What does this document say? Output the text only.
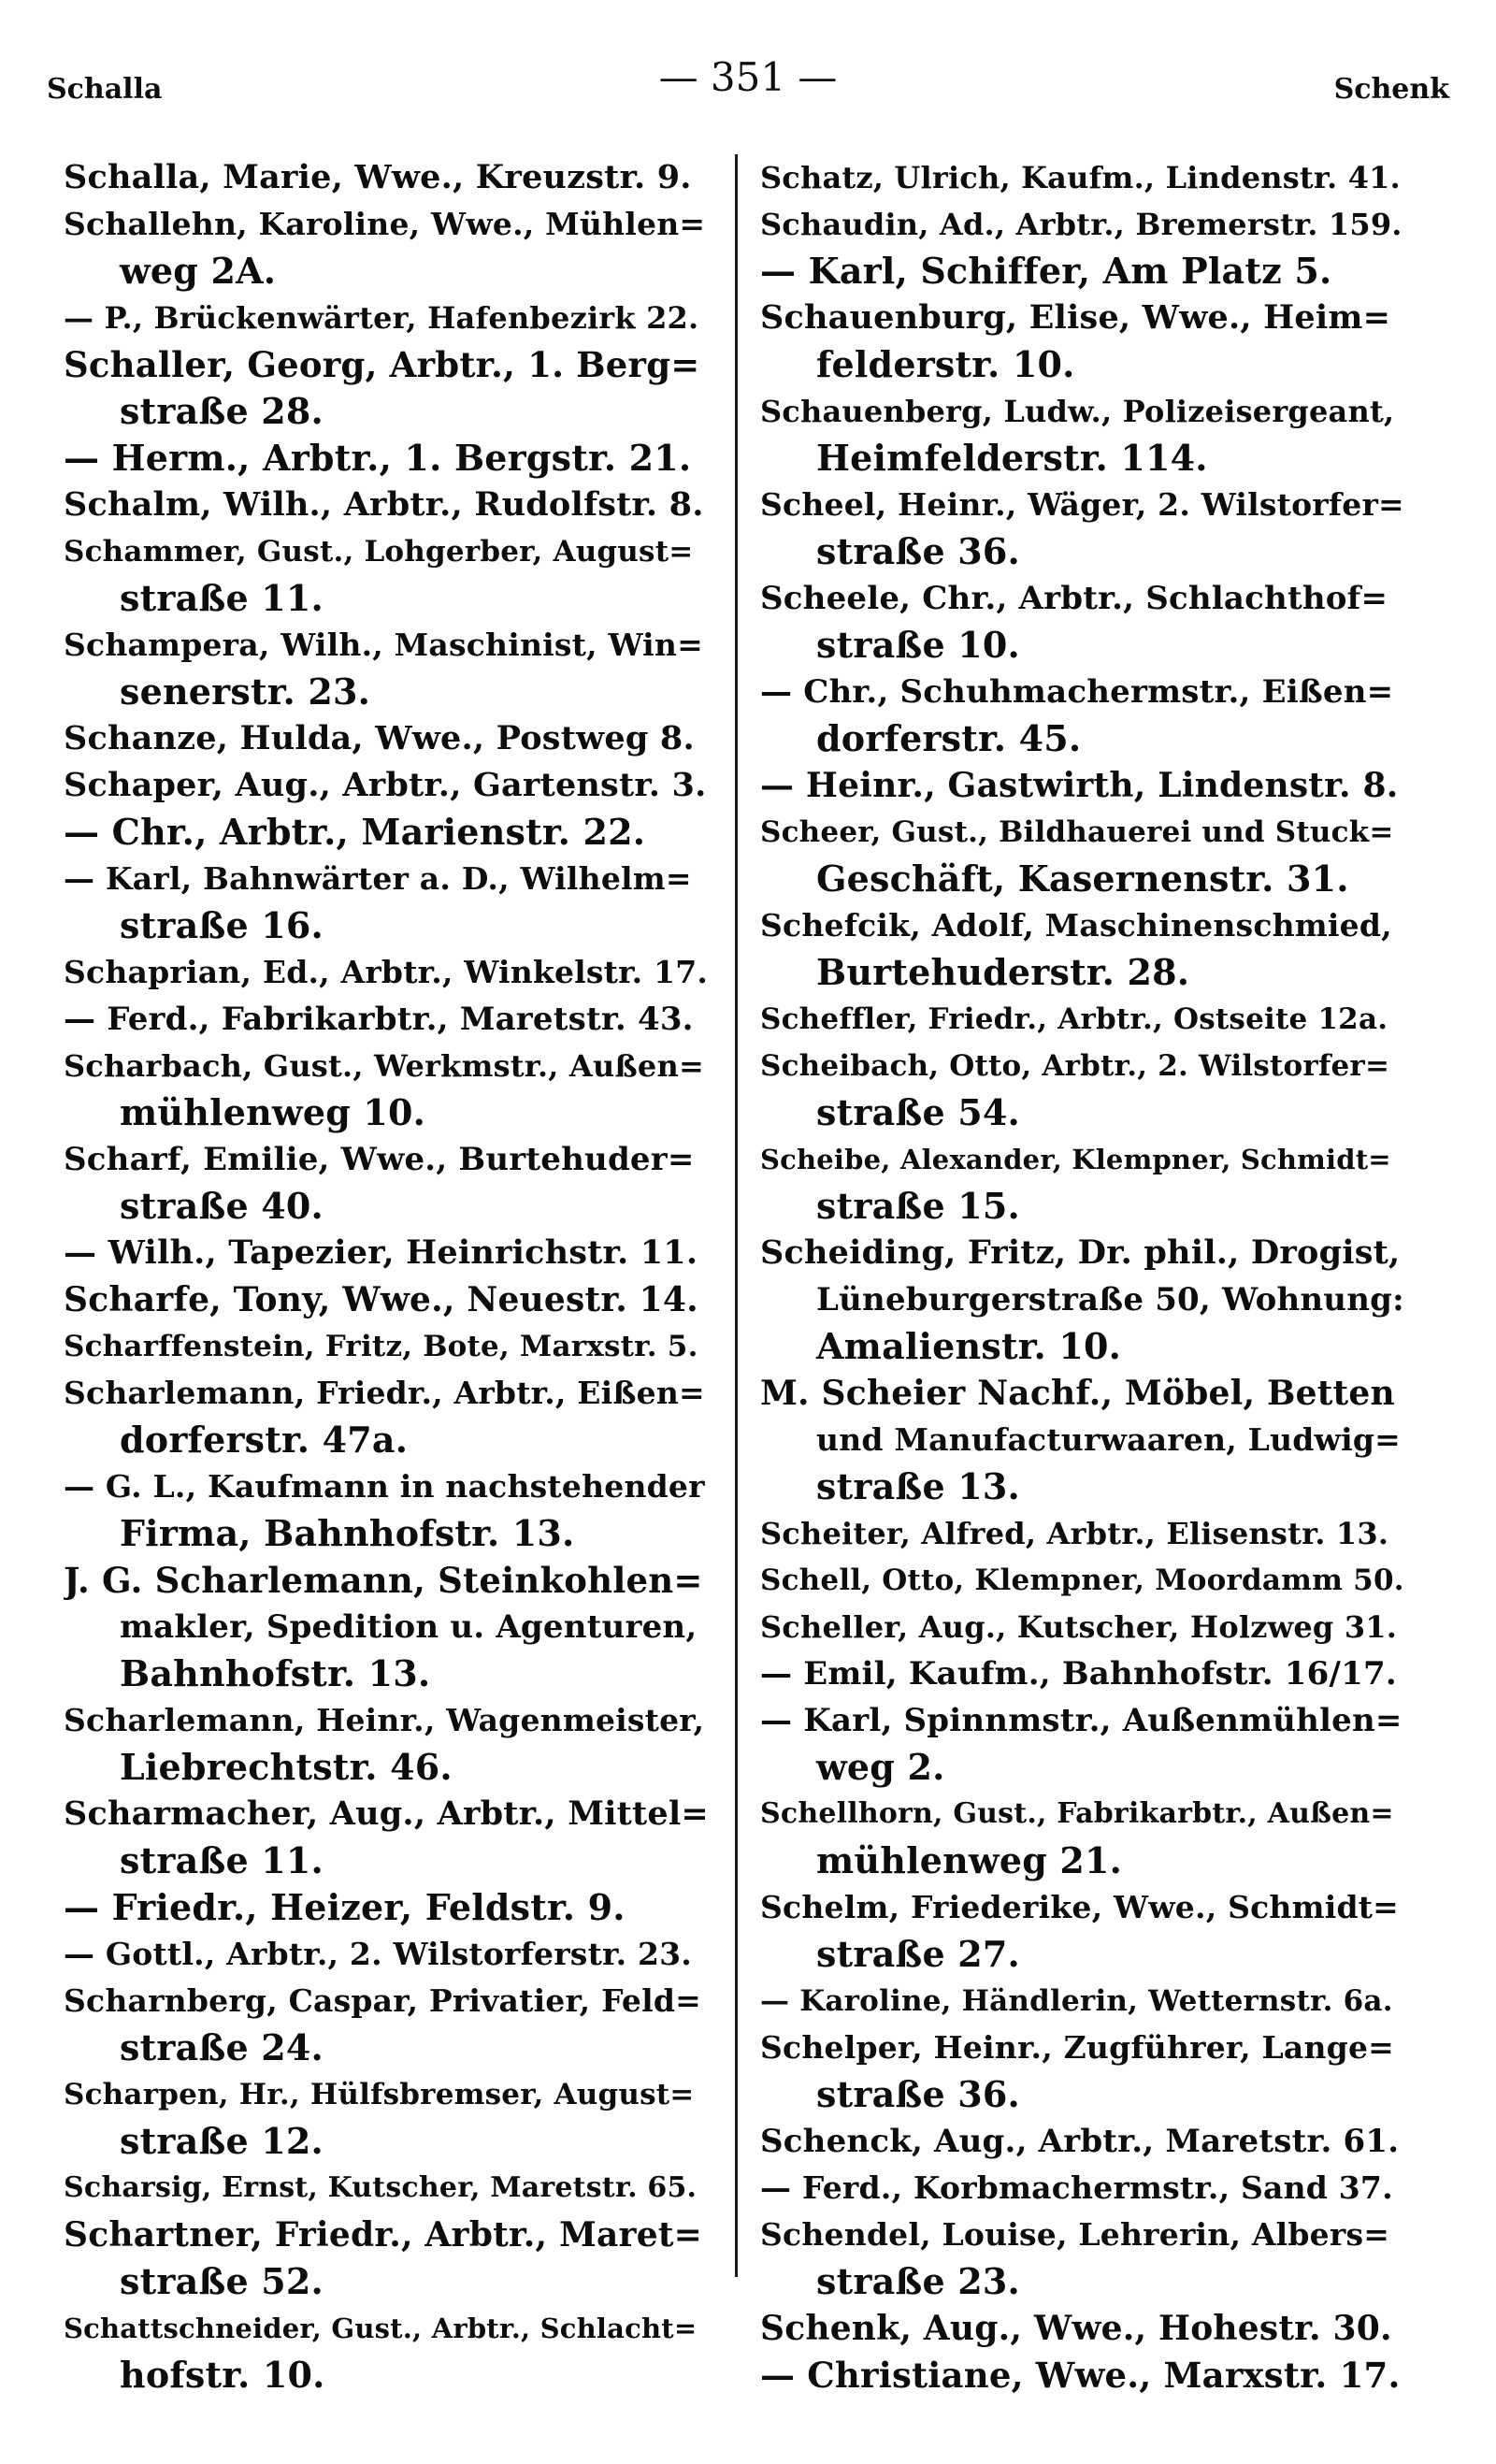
Schalla	— 351 —	Schenk
Schalla, Marie, Wwe., Kreuzstr. 9.
Schallehn, Karoline, Wwe., Mühlen=
weg 2A.
— P., Brückenwärter, Hafenbezirk 22.
Schaller, Georg, Arbtr., 1. Berg=
straße 28.
— Herm., Arbtr., 1. Bergstr. 21.
Schalm, Wilh., Arbtr., Rudolfstr. 8.
Schammer, Gust., Lohgerber, August=
straße 11.
Schampera, Wilh., Maschinist, Win=
senerstr. 23.
Schanze, Hulda, Wwe., Postweg 8.
Schaper, Aug., Arbtr., Gartenstr. 3.
— Chr., Arbtr., Marienstr. 22.
— Karl, Bahnwärter a. D., Wilhelm=
straße 16.
Schaprian, Ed., Arbtr., Winkelstr. 17.
— Ferd., Fabrikarbtr., Maretstr. 43.
Scharbach, Gust., Werkmstr., Außen=
mühlenweg 10.
Scharf, Emilie, Wwe., Burtehuder=
straße 40.
— Wilh., Tapezier, Heinrichstr. 11.
Scharfe, Tony, Wwe., Neuestr. 14.
Scharffenstein, Fritz, Bote, Marxstr. 5.
Scharlemann, Friedr., Arbtr., Eißen=
dorferstr. 47a.
— G. L., Kaufmann in nachstehender
Firma, Bahnhofstr. 13.
J. G. Scharlemann, Steinkohlen=
makler, Spedition u. Agenturen,
Bahnhofstr. 13.
Scharlemann, Heinr., Wagenmeister,
Liebrechtstr. 46.
Scharmacher, Aug., Arbtr., Mittel=
straße 11.
— Friedr., Heizer, Feldstr. 9.
— Gottl., Arbtr., 2. Wilstorferstr. 23.
Scharnberg, Caspar, Privatier, Feld=
straße 24.
Scharpen, Hr., Hülfsbremser, August=
straße 12.
Scharsig, Ernst, Kutscher, Maretstr. 65.
Schartner, Friedr., Arbtr., Maret=
straße 52.
Schattschneider, Gust., Arbtr., Schlacht=
hofstr. 10.
Schatz, Ulrich, Kaufm., Lindenstr. 41.
Schaudin, Ad., Arbtr., Bremerstr. 159.
— Karl, Schiffer, Am Platz 5.
Schauenburg, Elise, Wwe., Heim=
felderstr. 10.
Schauenberg, Ludw., Polizeisergeant,
Heimfelderstr. 114.
Scheel, Heinr., Wäger, 2. Wilstorfer=
straße 36.
Scheele, Chr., Arbtr., Schlachthof=
straße 10.
— Chr., Schuhmachermstr., Eißen=
dorferstr. 45.
— Heinr., Gastwirth, Lindenstr. 8.
Scheer, Gust., Bildhauerei und Stuck=
Geschäft, Kasernenstr. 31.
Schefcik, Adolf, Maschinenschmied,
Burtehuderstr. 28.
Scheffler, Friedr., Arbtr., Ostseite 12a.
Scheibach, Otto, Arbtr., 2. Wilstorfer=
straße 54.
Scheibe, Alexander, Klempner, Schmidt=
straße 15.
Scheiding, Fritz, Dr. phil., Drogist,
Lüneburgerstraße 50, Wohnung:
Amalienstr. 10.
M. Scheier Nachf., Möbel, Betten
und Manufacturwaaren, Ludwig=
straße 13.
Scheiter, Alfred, Arbtr., Elisenstr. 13.
Schell, Otto, Klempner, Moordamm 50.
Scheller, Aug., Kutscher, Holzweg 31.
— Emil, Kaufm., Bahnhofstr. 16/17.
— Karl, Spinnmstr., Außenmühlen=
weg 2.
Schellhorn, Gust., Fabrikarbtr., Außen=
mühlenweg 21.
Schelm, Friederike, Wwe., Schmidt=
straße 27.
— Karoline, Händlerin, Wetternstr. 6a.
Schelper, Heinr., Zugführer, Lange=
straße 36.
Schenck, Aug., Arbtr., Maretstr. 61.
— Ferd., Korbmachermstr., Sand 37.
Schendel, Louise, Lehrerin, Albers=
straße 23.
Schenk, Aug., Wwe., Hohestr. 30.
— Christiane, Wwe., Marxstr. 17.
